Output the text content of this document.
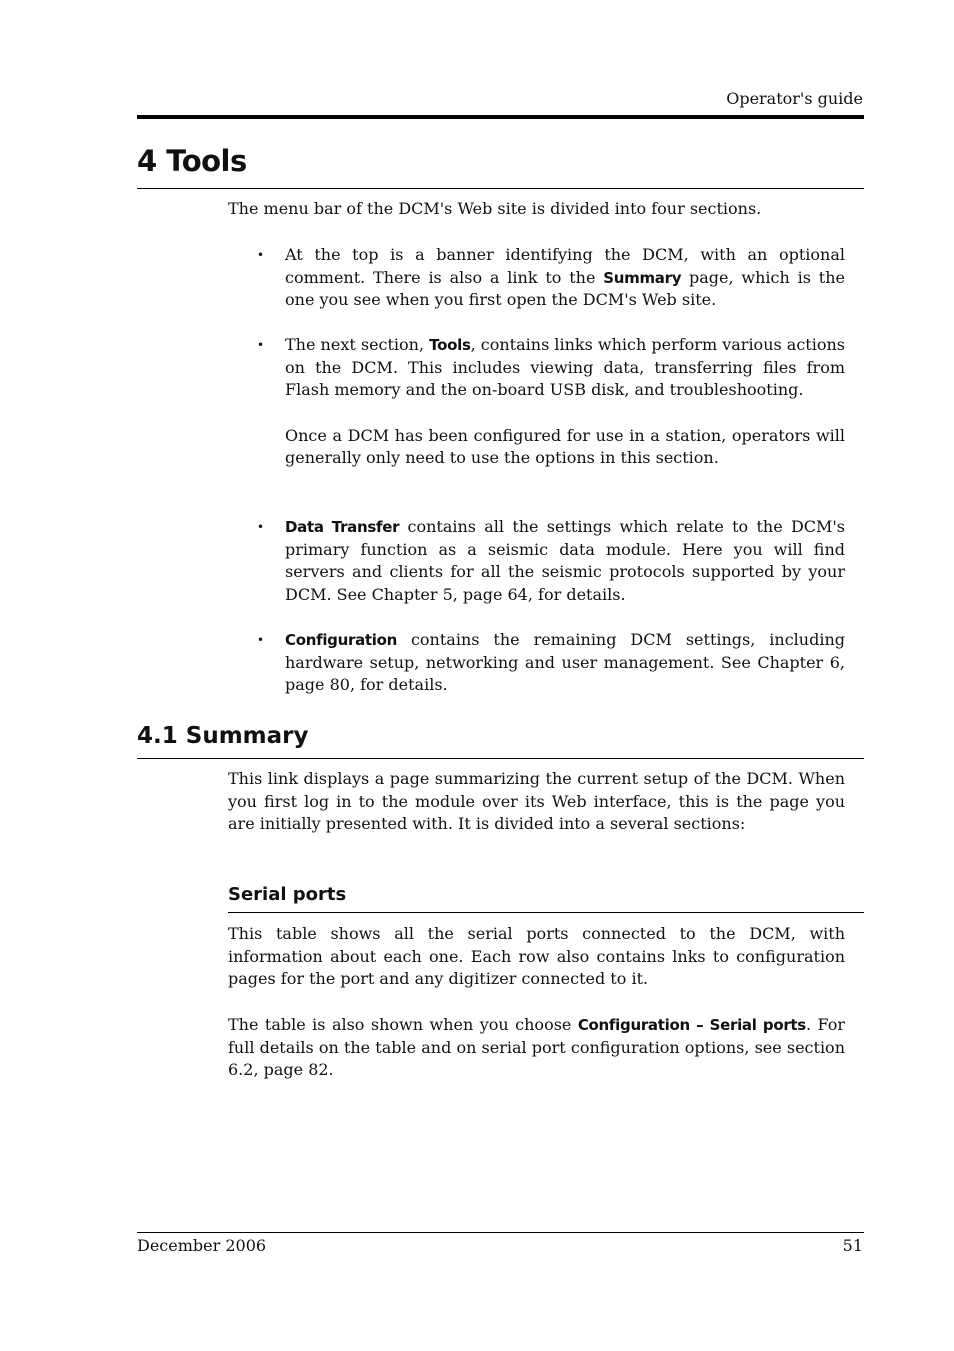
Operator's guide
4 Tools

The menu bar of the DCM's Web site is divided into four sections.

• At the top is a banner identifying the DCM, with an optional comment. There is also a link to the Summary page, which is the one you see when you first open the DCM's Web site.

• The next section, Tools, contains links which perform various actions on the DCM. This includes viewing data, transferring files from Flash memory and the on-board USB disk, and troubleshooting.

Once a DCM has been configured for use in a station, operators will generally only need to use the options in this section.

• Data Transfer contains all the settings which relate to the DCM's primary function as a seismic data module. Here you will find servers and clients for all the seismic protocols supported by your DCM. See Chapter 5, page 64, for details.

• Configuration contains the remaining DCM settings, including hardware setup, networking and user management. See Chapter 6, page 80, for details.

4.1 Summary

This link displays a page summarizing the current setup of the DCM. When you first log in to the module over its Web interface, this is the page you are initially presented with. It is divided into a several sections:

Serial ports

This table shows all the serial ports connected to the DCM, with information about each one. Each row also contains lnks to configuration pages for the port and any digitizer connected to it.

The table is also shown when you choose Configuration – Serial ports. For full details on the table and on serial port configuration options, see section 6.2, page 82.

December 2006	51
